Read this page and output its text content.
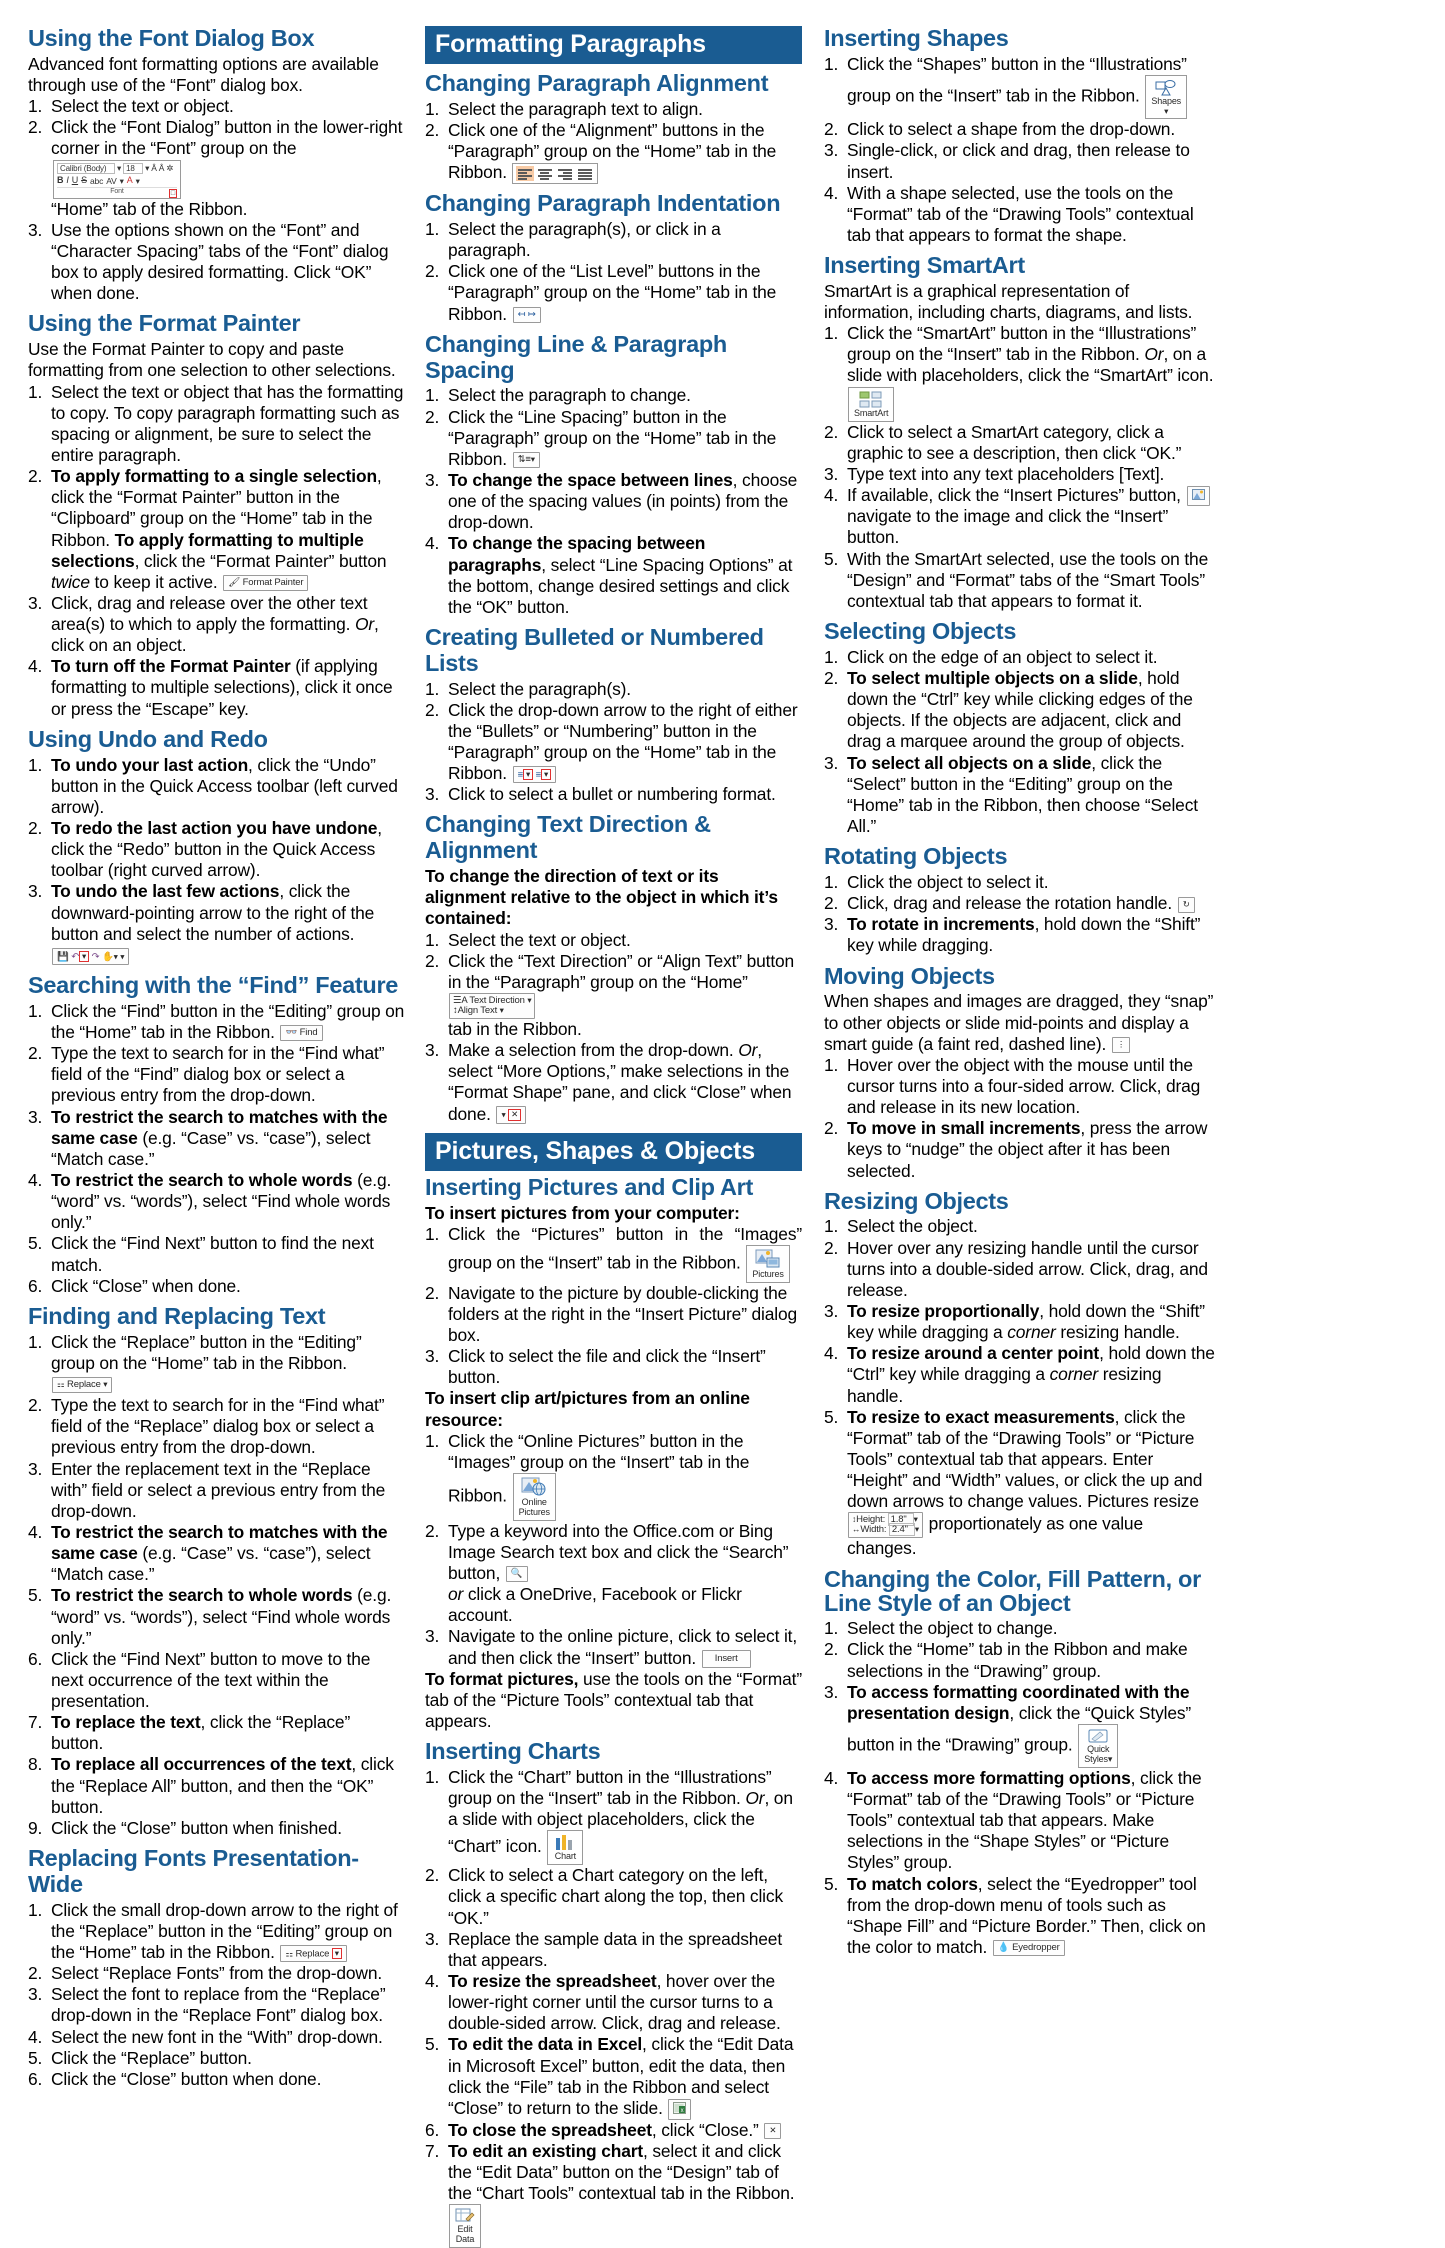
Using the Font Dialog Box

Advanced font formatting options are available through use of the “Font” dialog box.

Select the text or object.
Click the “Font Dialog” button in the lower-right
corner in the “Font” group on the
Calibri (Body)	▾ 18	▾ Â Â ✲
B I U S abc AV ▾ A ▾
Font	□

“Home” tab of the Ribbon.
Use the options shown on the “Font” and “Character Spacing” tabs of the “Font” dialog box to apply desired formatting. Click “OK” when done.
Using the Format Painter

Use the Format Painter to copy and paste formatting from one selection to other selections.

Select the text or object that has the formatting to copy. To copy paragraph formatting such as spacing or alignment, be sure to select the entire paragraph.
To apply formatting to a single selection, click the “Format Painter” button in the “Clipboard” group on the “Home” tab in the Ribbon. To apply formatting to multiple selections, click the “Format Painter” button twice to keep it active. 🖌 Format Painter
Click, drag and release over the other text area(s) to which to apply the formatting. Or, click on an object.
To turn off the Format Painter (if applying formatting to multiple selections), click it once or press the “Escape” key.
Using Undo and Redo
To undo your last action, click the “Undo” button in the Quick Access toolbar (left curved arrow).
To redo the last action you have undone, click the “Redo” button in the Quick Access toolbar (right curved arrow).
To undo the last few actions, click the downward-pointing arrow to the right of the button and select the number of actions. 💾 ↶ ▾ ↷ ✋▾ ▾
Searching with the “Find” Feature
Click the “Find” button in the “Editing” group on the “Home” tab in the Ribbon. 👓 Find
Type the text to search for in the “Find what” field of the “Find” dialog box or select a previous entry from the drop-down.
To restrict the search to matches with the same case (e.g. “Case” vs. “case”), select “Match case.”
To restrict the search to whole words (e.g. “word” vs. “words”), select “Find whole words only.”
Click the “Find Next” button to find the next match.
Click “Close” when done.
Finding and Replacing Text
Click the “Replace” button in the “Editing” group on the “Home” tab in the Ribbon.⚏ Replace ▾
Type the text to search for in the “Find what” field of the “Replace” dialog box or select a previous entry from the drop-down.
Enter the replacement text in the “Replace with” field or select a previous entry from the drop-down.
To restrict the search to matches with the same case (e.g. “Case” vs. “case”), select “Match case.”
To restrict the search to whole words (e.g. “word” vs. “words”), select “Find whole words only.”
Click the “Find Next” button to move to the next occurrence of the text within the presentation.
To replace the text, click the “Replace” button.
To replace all occurrences of the text, click the “Replace All” button, and then the “OK” button.
Click the “Close” button when finished.
Replacing Fonts Presentation-Wide
Click the small drop-down arrow to the right of the “Replace” button in the “Editing” group on the “Home” tab in the Ribbon. ⚏ Replace ▾
Select “Replace Fonts” from the drop-down.
Select the font to replace from the “Replace” drop-down in the “Replace Font” dialog box.
Select the new font in the “With” drop-down.
Click the “Replace” button.
Click the “Close” button when done.
Formatting Paragraphs
Changing Paragraph Alignment
Select the paragraph text to align.
Click one of the “Alignment” buttons in the “Paragraph” group on the “Home” tab in the Ribbon.
Changing Paragraph Indentation
Select the paragraph(s), or click in a paragraph.
Click one of the “List Level” buttons in the “Paragraph” group on the “Home” tab in the Ribbon. ↤ ↦
Changing Line & Paragraph Spacing
Select the paragraph to change.
Click the “Line Spacing” button in the “Paragraph” group on the “Home” tab in the Ribbon. ⇅≡▾
To change the space between lines, choose one of the spacing values (in points) from the drop-down.
To change the spacing between paragraphs, select “Line Spacing Options” at the bottom, change desired settings and click the “OK” button.
Creating Bulleted or Numbered Lists
Select the paragraph(s).
Click the drop-down arrow to the right of either the “Bullets” or “Numbering” button in the “Paragraph” group on the “Home” tab in the Ribbon. ≡ ▾ ≡ ▾
Click to select a bullet or numbering format.
Changing Text Direction & Alignment

To change the direction of text or its alignment relative to the object in which it’s contained:

Select the text or object.
Click the “Text Direction” or “Align Text” button in the “Paragraph” group on the “Home”
☰A Text Direction ▾
↕Align Text ▾

tab in the Ribbon.
Make a selection from the drop-down. Or, select “More Options,” make selections in the “Format Shape” pane, and click “Close” when done. ▾ ✕
Pictures, Shapes & Objects
Inserting Pictures and Clip Art

To insert pictures from your computer:

Click the “Pictures” button in the “Images” group on the “Insert” tab in the Ribbon.
Pictures
Navigate to the picture by double-clicking the folders at the right in the “Insert Picture” dialog box.
Click to select the file and click the “Insert” button.

To insert clip art/pictures from an online resource:

Click the “Online Pictures” button in the “Images” group on the “Insert” tab in the Ribbon.	Online
Pictures
Type a keyword into the Office.com or Bing Image Search text box and click the “Search” button, 🔍
or click a OneDrive, Facebook or Flickr account.
Navigate to the online picture, click to select it, and then click the “Insert” button. Insert

To format pictures, use the tools on the “Format” tab of the “Picture Tools” contextual tab that appears.

Inserting Charts
Click the “Chart” button in the “Illustrations” group on the “Insert” tab in the Ribbon. Or, on a slide with object placeholders, click the “Chart” icon.
Chart
Click to select a Chart category on the left, click a specific chart along the top, then click “OK.”
Replace the sample data in the spreadsheet that appears.
To resize the spreadsheet, hover over the lower-right corner until the cursor turns to a double-sided arrow. Click, drag and release.
To edit the data in Excel, click the “Edit Data in Microsoft Excel” button, edit the data, then click the “File” tab in the Ribbon and select “Close” to return to the slide. x
To close the spreadsheet, click “Close.” ✕
To edit an existing chart, select it and click the “Edit Data” button on the “Design” tab of the “Chart Tools” contextual tab in the Ribbon.
Edit
Data
Inserting Shapes
Click the “Shapes” button in the “Illustrations” group on the “Insert” tab in the Ribbon.
Shapes
▾
Click to select a shape from the drop-down.
Single-click, or click and drag, then release to insert.
With a shape selected, use the tools on the “Format” tab of the “Drawing Tools” contextual tab that appears to format the shape.
Inserting SmartArt

SmartArt is a graphical representation of information, including charts, diagrams, and lists.

Click the “SmartArt” button in the “Illustrations” group on the “Insert” tab in the Ribbon. Or, on a slide with placeholders, click the “SmartArt” icon.
SmartArt
Click to select a SmartArt category, click a graphic to see a description, then click “OK.”
Type text into any text placeholders [Text].
If available, click the “Insert Pictures” button,  navigate to the image and click the “Insert” button.
With the SmartArt selected, use the tools on the “Design” and “Format” tabs of the “Smart Tools” contextual tab that appears to format it.
Selecting Objects
Click on the edge of an object to select it.
To select multiple objects on a slide, hold down the “Ctrl” key while clicking edges of the objects. If the objects are adjacent, click and drag a marquee around the group of objects.
To select all objects on a slide, click the “Select” button in the “Editing” group on the “Home” tab in the Ribbon, then choose “Select All.”
Rotating Objects
Click the object to select it.
Click, drag and release the rotation handle. ↻
To rotate in increments, hold down the “Shift” key while dragging.
Moving Objects

When shapes and images are dragged, they “snap” to other objects or slide mid-points and display a smart guide (a faint red, dashed line). ⋮

Hover over the object with the mouse until the cursor turns into a four-sided arrow. Click, drag and release in its new location.
To move in small increments, press the arrow keys to “nudge” the object after it has been selected.
Resizing Objects
Select the object.
Hover over any resizing handle until the cursor turns into a double-sided arrow. Click, drag, and release.
To resize proportionally, hold down the “Shift” key while dragging a corner resizing handle.
To resize around a center point, hold down the “Ctrl” key while dragging a corner resizing handle.
To resize to exact measurements, click the “Format” tab of the “Drawing Tools” or “Picture Tools” contextual tab that appears. Enter “Height” and “Width” values, or click the up and down arrows to change values. Pictures resize
↕Height: 1.8" ▾
↔Width: 2.4" ▾ proportionately as one value changes.
Changing the Color, Fill Pattern, or Line Style of an Object
Select the object to change.
Click the “Home” tab in the Ribbon and make selections in the “Drawing” group.
To access formatting coordinated with the presentation design, click the “Quick Styles” button in the “Drawing” group.	Quick
Styles▾
To access more formatting options, click the “Format” tab of the “Drawing Tools” or “Picture Tools” contextual tab that appears. Make selections in the “Shape Styles” or “Picture Styles” group.
To match colors, select the “Eyedropper” tool from the drop-down menu of tools such as “Shape Fill” and “Picture Border.” Then, click on the color to match. 💧 Eyedropper
